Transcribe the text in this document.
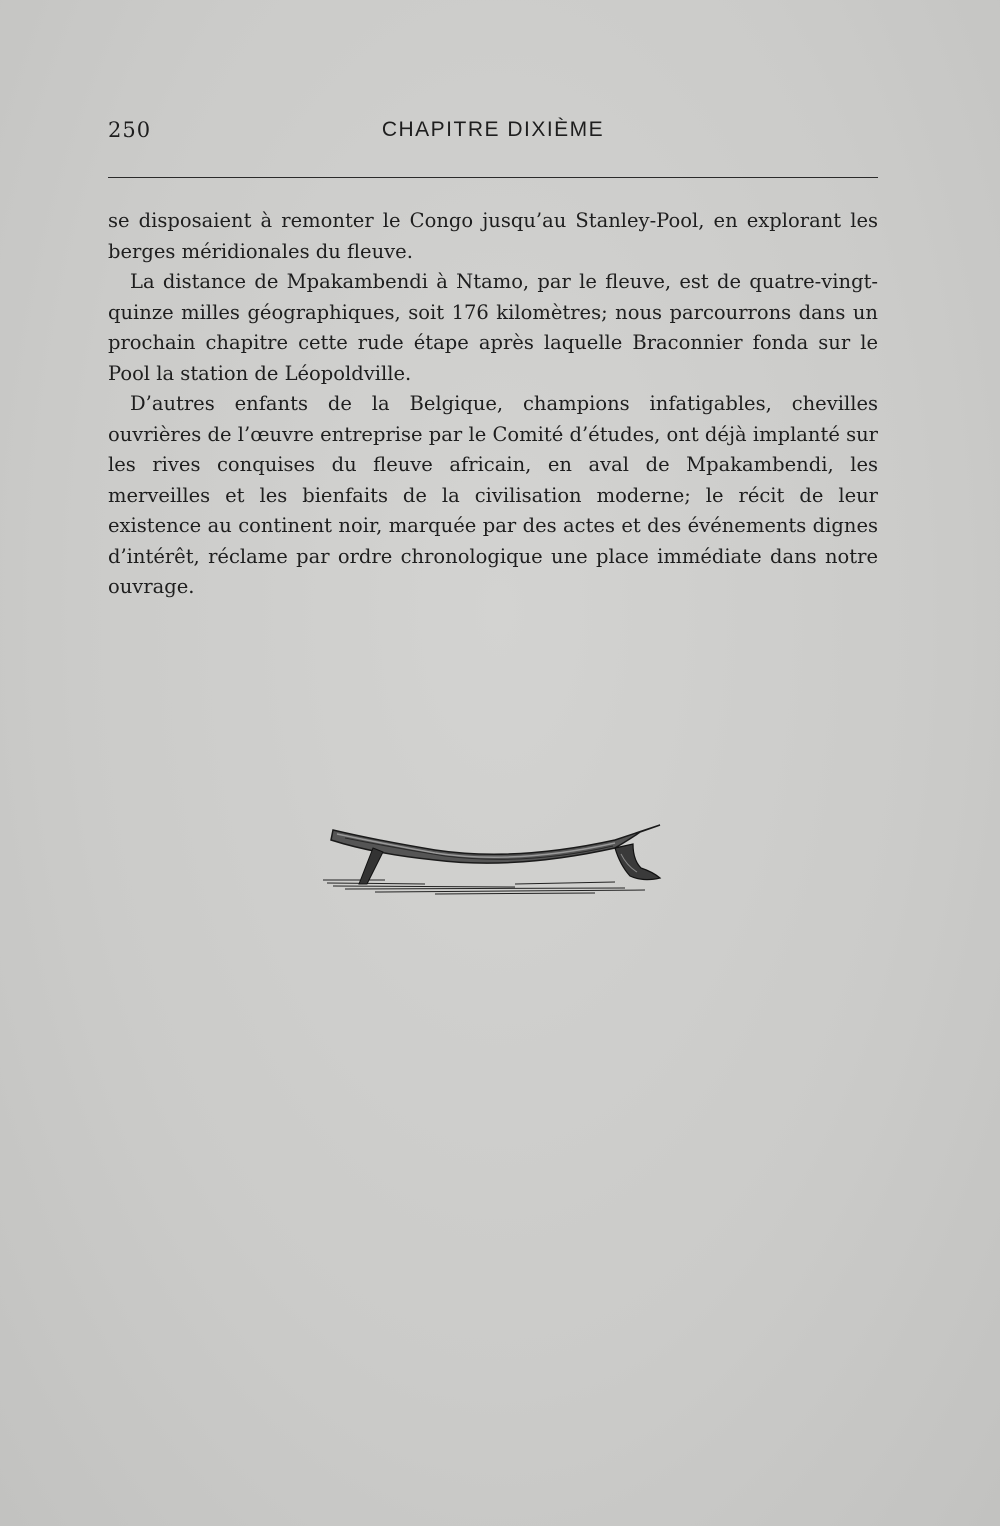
250	CHAPITRE DIXIÈME

se disposaient à remonter le Congo jusqu’au Stanley-Pool, en explorant les berges méridionales du fleuve.

La distance de Mpakambendi à Ntamo, par le fleuve, est de quatre-vingt-quinze milles géographiques, soit 176 kilomètres; nous parcourrons dans un prochain chapitre cette rude étape après laquelle Braconnier fonda sur le Pool la station de Léopoldville.

D’autres enfants de la Belgique, champions infatigables, chevilles ouvrières de l’œuvre entreprise par le Comité d’études, ont déjà implanté sur les rives conquises du fleuve africain, en aval de Mpakambendi, les merveilles et les bienfaits de la civilisation moderne; le récit de leur existence au continent noir, marquée par des actes et des événements dignes d’intérêt, réclame par ordre chronologique une place immédiate dans notre ouvrage.
